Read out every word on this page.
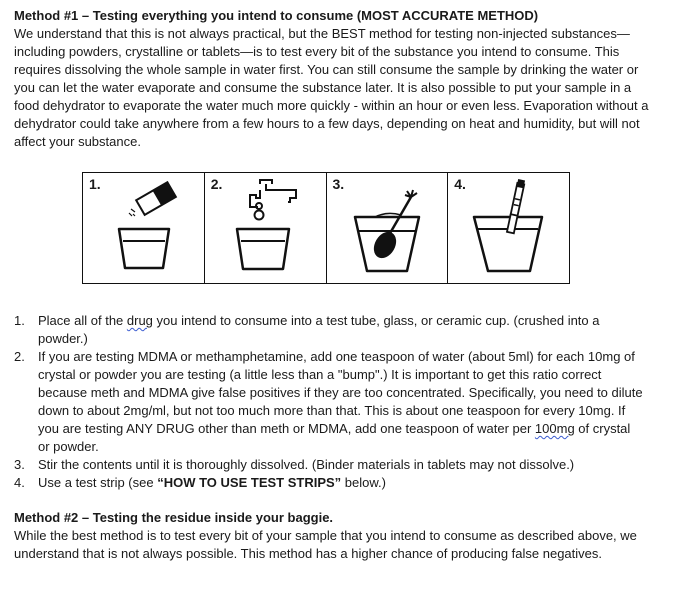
Method #1 – Testing everything you intend to consume (MOST ACCURATE METHOD)

We understand that this is not always practical, but the BEST method for testing non-injected substances—including powders, crystalline or tablets—is to test every bit of the substance you intend to consume. This requires dissolving the whole sample in water first. You can still consume the sample by drinking the water or you can let the water evaporate and consume the substance later. It is also possible to put your sample in a food dehydrator to evaporate the water much more quickly - within an hour or even less. Evaporation without a dehydrator could take anywhere from a few hours to a few days, depending on heat and humidity, but will not affect your substance.

1.	2.	3.	4.
1. Place all of the drug you intend to consume into a test tube, glass, or ceramic cup. (crushed into a powder.)
2. If you are testing MDMA or methamphetamine, add one teaspoon of water (about 5ml) for each 10mg of crystal or powder you are testing (a little less than a "bump".) It is important to get this ratio correct because meth and MDMA give false positives if they are too concentrated. Specifically, you need to dilute down to about 2mg/ml, but not too much more than that. This is about one teaspoon for every 10mg. If you are testing ANY DRUG other than meth or MDMA, add one teaspoon of water per 100mg of crystal or powder.
3. Stir the contents until it is thoroughly dissolved. (Binder materials in tablets may not dissolve.)
4. Use a test strip (see “HOW TO USE TEST STRIPS” below.)

Method #2 – Testing the residue inside your baggie.

While the best method is to test every bit of your sample that you intend to consume as described above, we understand that is not always possible. This method has a higher chance of producing false negatives.
